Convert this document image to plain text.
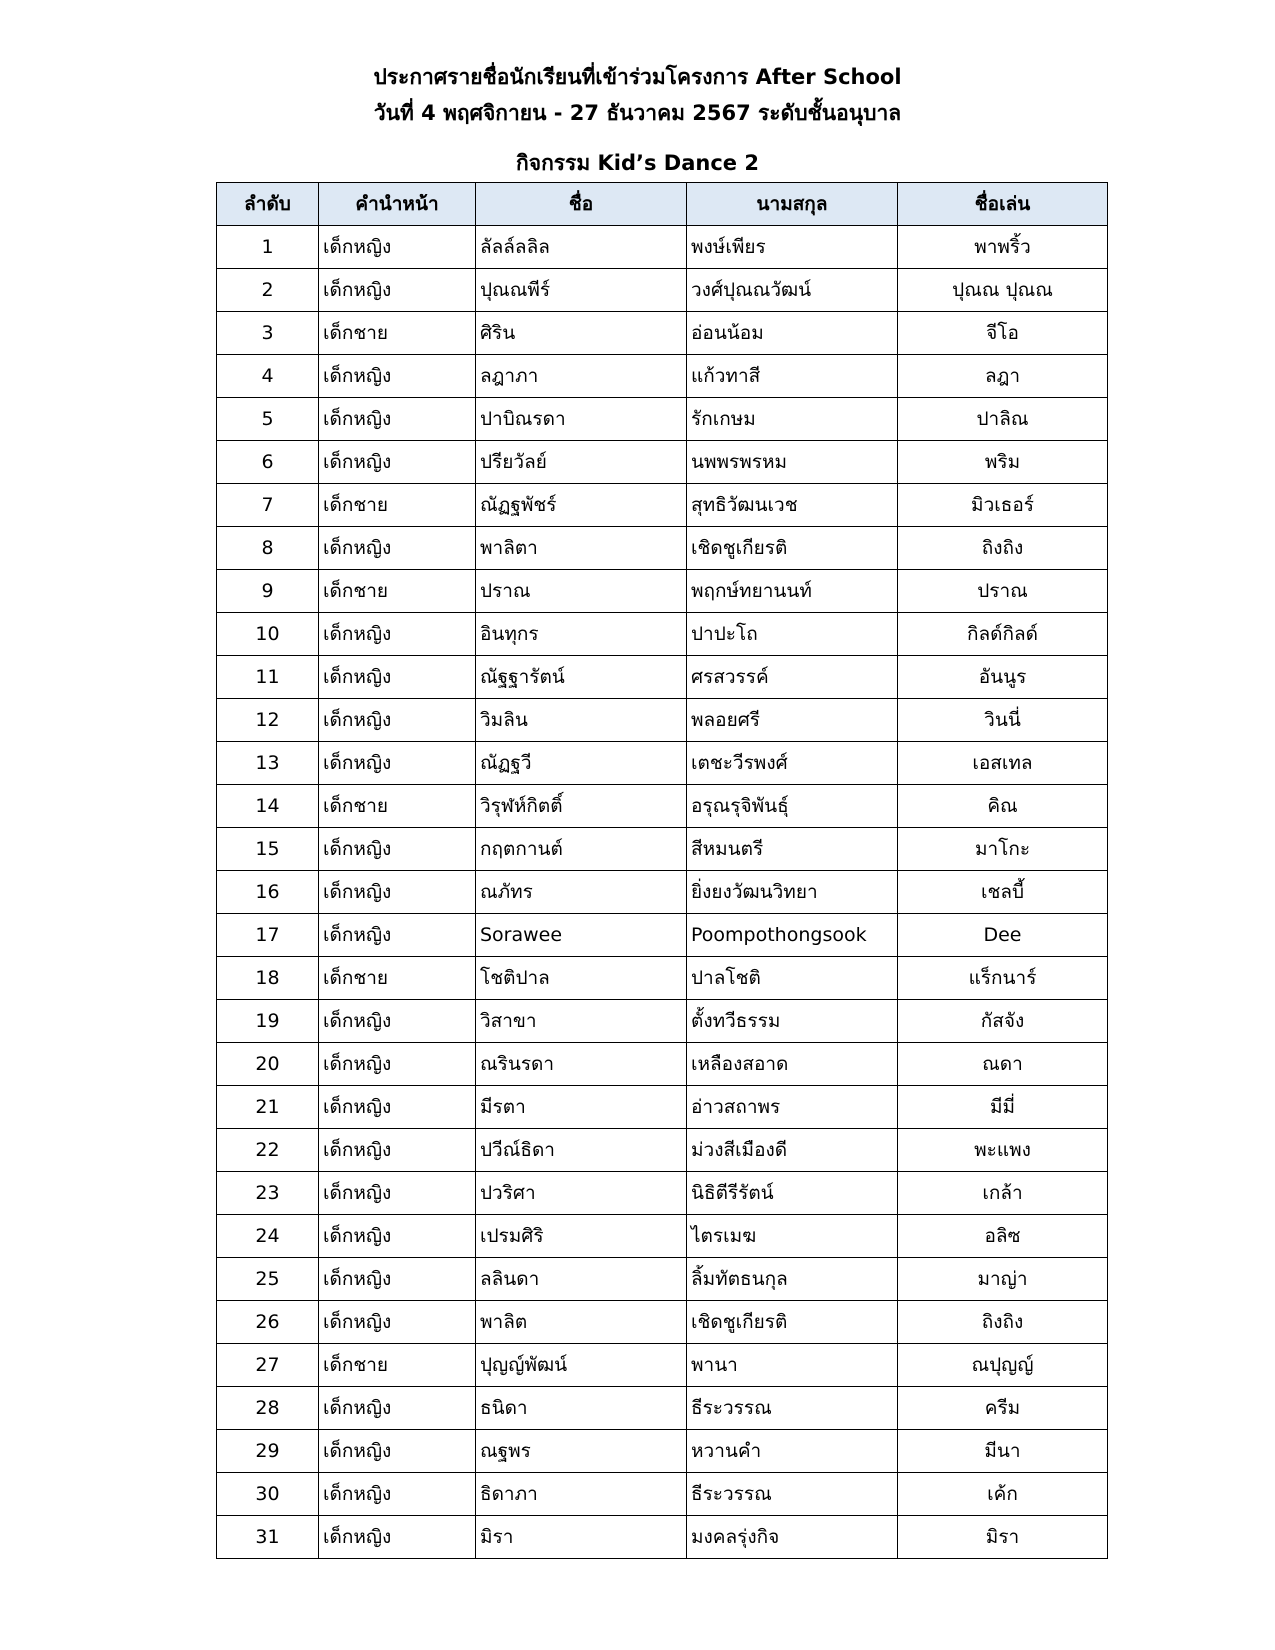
ประกาศรายชื่อนักเรียนที่เข้าร่วมโครงการ After School
วันที่ 4 พฤศจิกายน - 27 ธันวาคม 2567 ระดับชั้นอนุบาล
กิจกรรม Kid’s Dance 2
ลำดับ	คำนำหน้า	ชื่อ	นามสกุล	ชื่อเล่น
1	เด็กหญิง	ลัลล์ลลิล	พงษ์เพียร	พาพริ้ว
2	เด็กหญิง	ปุณณพีร์	วงศ์ปุณณวัฒน์	ปุณณ ปุณณ
3	เด็กชาย	ศิริน	อ่อนน้อม	จีโอ
4	เด็กหญิง	ลฎาภา	แก้วทาสี	ลฎา
5	เด็กหญิง	ปาบิณรดา	รักเกษม	ปาลิณ
6	เด็กหญิง	ปรียวัลย์	นพพรพรหม	พริม
7	เด็กชาย	ณัฏฐพัชร์	สุทธิวัฒนเวช	มิวเธอร์
8	เด็กหญิง	พาลิตา	เชิดชูเกียรติ	ถิงถิง
9	เด็กชาย	ปราณ	พฤกษ์ทยานนท์	ปราณ
10	เด็กหญิง	อินทุกร	ปาปะโถ	กิลด์กิลด์
11	เด็กหญิง	ณัฐฐารัตน์	ศรสวรรค์	อันนูร
12	เด็กหญิง	วิมลิน	พลอยศรี	วินนี่
13	เด็กหญิง	ณัฏฐวี	เตชะวีรพงศ์	เอสเทล
14	เด็กชาย	วิรุฬห์กิตติ์	อรุณรุจิพันธุ์	คิณ
15	เด็กหญิง	กฤตกานต์	สีหมนตรี	มาโกะ
16	เด็กหญิง	ณภัทร	ยิ่งยงวัฒนวิทยา	เชลบี้
17	เด็กหญิง	Sorawee	Poompothongsook	Dee
18	เด็กชาย	โชติปาล	ปาลโชติ	แร็กนาร์
19	เด็กหญิง	วิสาขา	ตั้งทวีธรรม	กัสจัง
20	เด็กหญิง	ณรินรดา	เหลืองสอาด	ณดา
21	เด็กหญิง	มีรตา	อ่าวสถาพร	มีมี่
22	เด็กหญิง	ปวีณ์ธิดา	ม่วงสีเมืองดี	พะแพง
23	เด็กหญิง	ปวริศา	นิธิตีรีรัตน์	เกล้า
24	เด็กหญิง	เปรมศิริ	ไตรเมฆ	อลิซ
25	เด็กหญิง	ลลินดา	ลิ้มทัตธนกุล	มาญ่า
26	เด็กหญิง	พาลิต	เชิดชูเกียรติ	ถิงถิง
27	เด็กชาย	ปุญญ์พัฒน์	พานา	ณปุญญ์
28	เด็กหญิง	ธนิดา	ธีระวรรณ	ครีม
29	เด็กหญิง	ณฐพร	หวานคำ	มีนา
30	เด็กหญิง	ธิดาภา	ธีระวรรณ	เค้ก
31	เด็กหญิง	มิรา	มงคลรุ่งกิจ	มิรา
